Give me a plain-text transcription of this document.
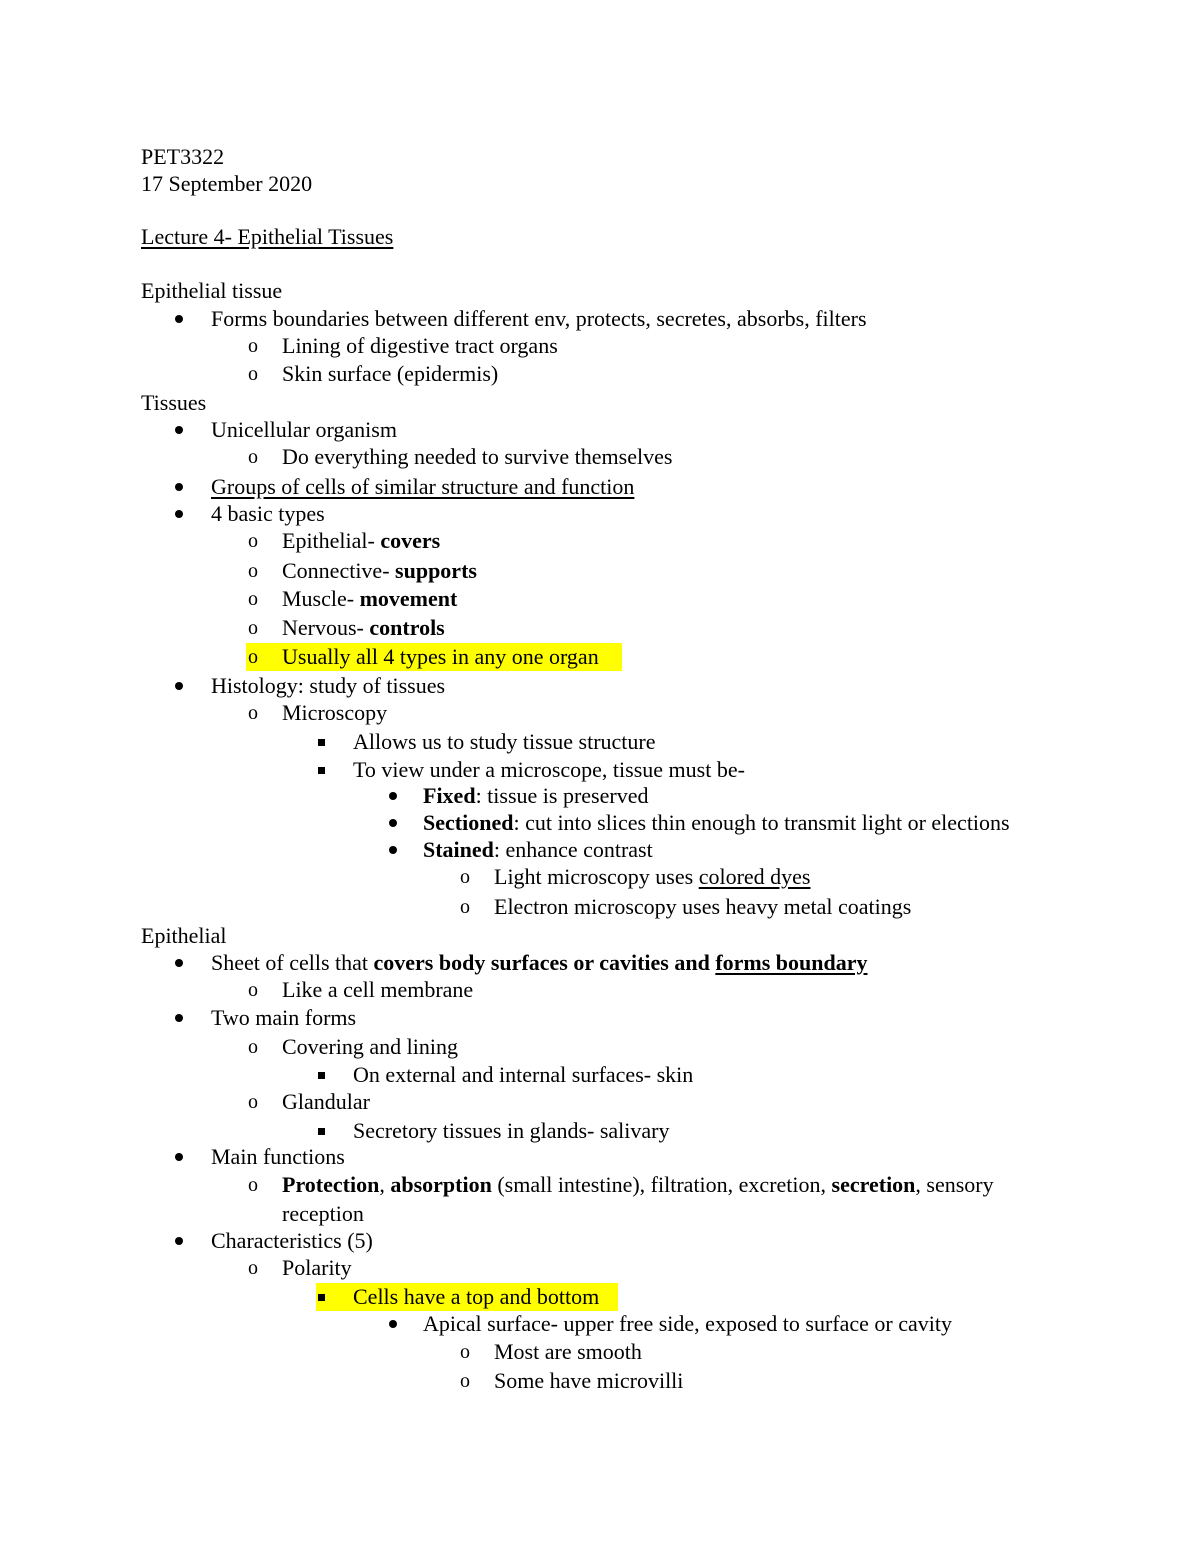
PET3322
17 September 2020
Lecture 4- Epithelial Tissues
Epithelial tissue
Forms boundaries between different env, protects, secretes, absorbs, filters
o	Lining of digestive tract organs
o	Skin surface (epidermis)
Tissues
Unicellular organism
o	Do everything needed to survive themselves
Groups of cells of similar structure and function
4 basic types
o	Epithelial- covers
o	Connective- supports
o	Muscle- movement
o	Nervous- controls
o	Usually all 4 types in any one organ
Histology: study of tissues
o	Microscopy
Allows us to study tissue structure
To view under a microscope, tissue must be-
Fixed: tissue is preserved
Sectioned: cut into slices thin enough to transmit light or elections
Stained: enhance contrast
o	Light microscopy uses colored dyes
o	Electron microscopy uses heavy metal coatings
Epithelial
Sheet of cells that covers body surfaces or cavities and forms boundary
o	Like a cell membrane
Two main forms
o	Covering and lining
On external and internal surfaces- skin
o	Glandular
Secretory tissues in glands- salivary
Main functions
o	Protection, absorption (small intestine), filtration, excretion, secretion, sensory
reception
Characteristics (5)
o	Polarity
Cells have a top and bottom
Apical surface- upper free side, exposed to surface or cavity
o	Most are smooth
o	Some have microvilli
